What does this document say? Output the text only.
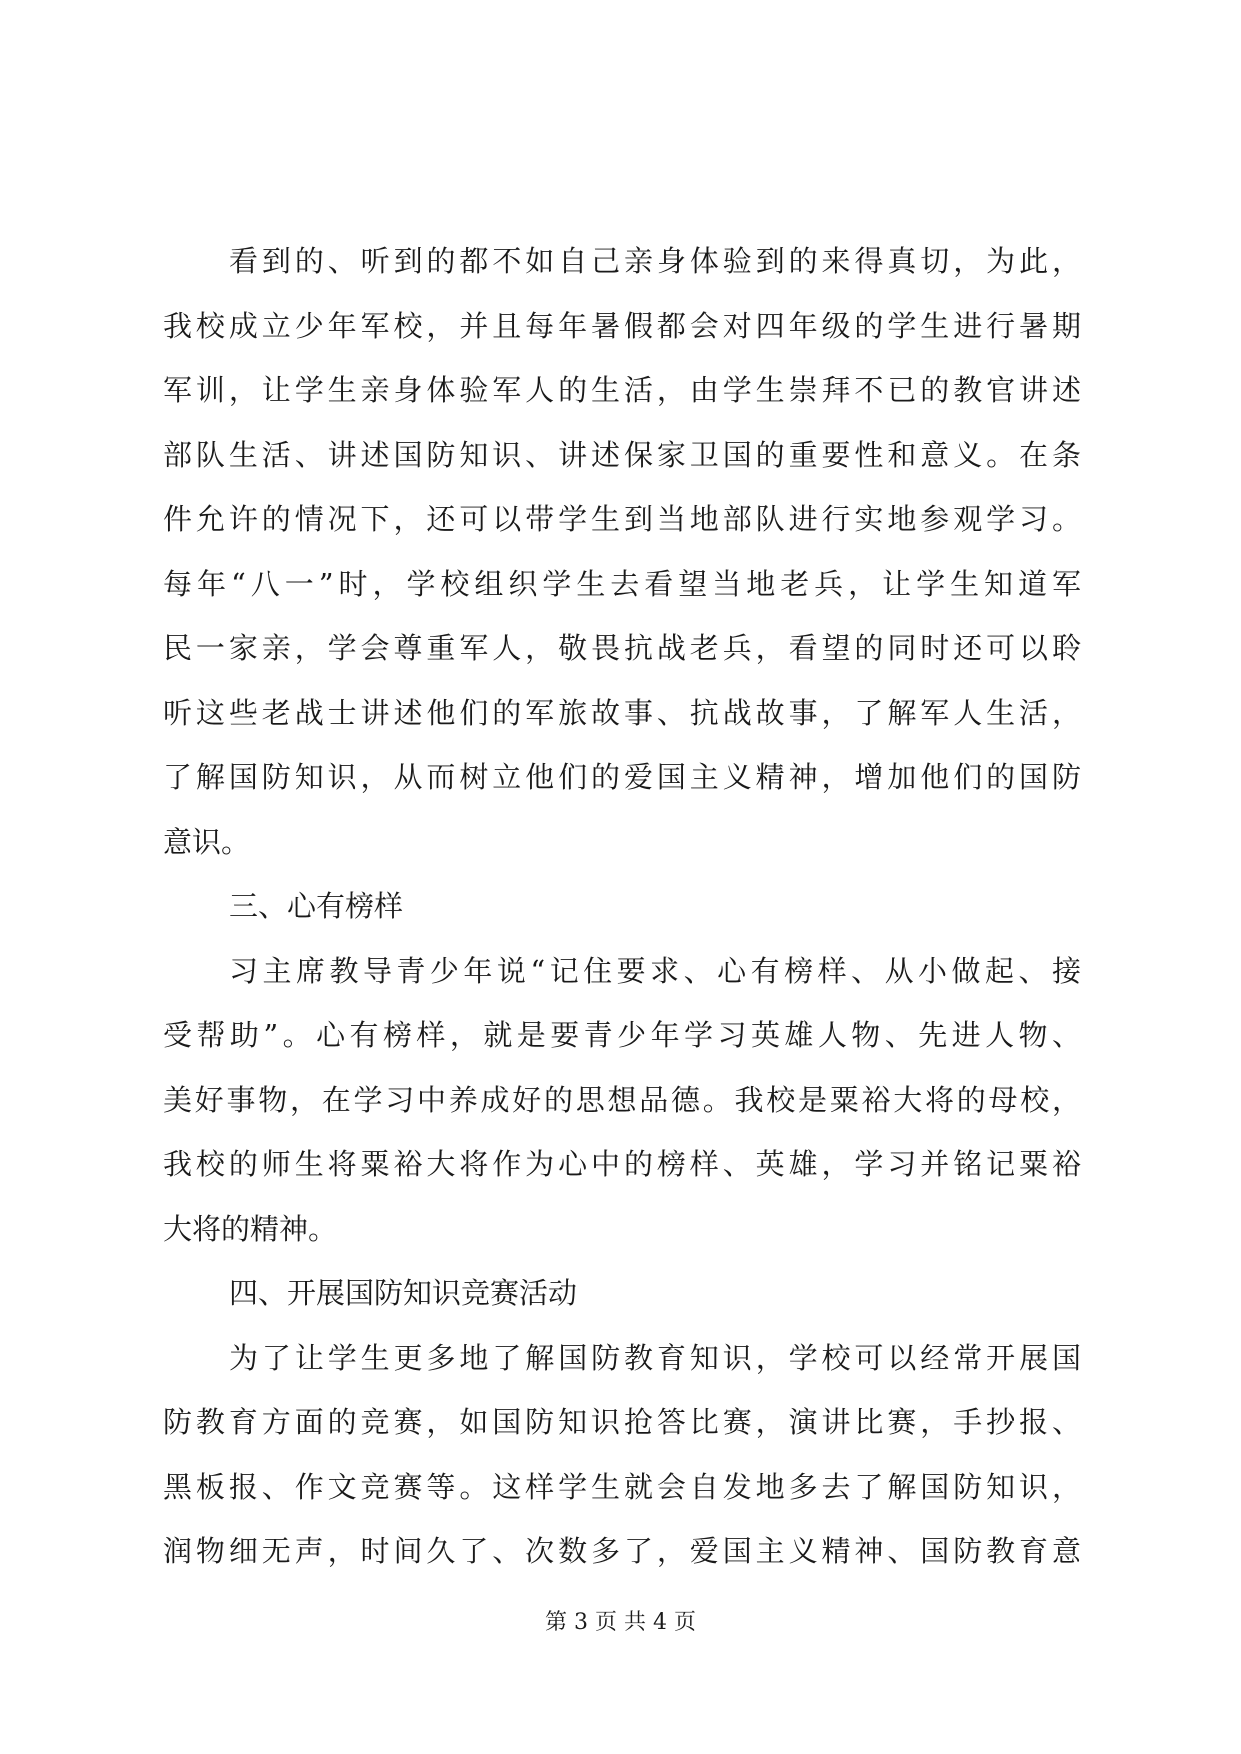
看到的、听到的都不如自己亲身体验到的来得真切，为此，
我校成立少年军校，并且每年暑假都会对四年级的学生进行暑期
军训，让学生亲身体验军人的生活，由学生崇拜不已的教官讲述
部队生活、讲述国防知识、讲述保家卫国的重要性和意义。在条
件允许的情况下，还可以带学生到当地部队进行实地参观学习。
每年“八一”时，学校组织学生去看望当地老兵，让学生知道军
民一家亲，学会尊重军人，敬畏抗战老兵，看望的同时还可以聆
听这些老战士讲述他们的军旅故事、抗战故事，了解军人生活，
了解国防知识，从而树立他们的爱国主义精神，增加他们的国防
意识。
三、心有榜样
习主席教导青少年说“记住要求、心有榜样、从小做起、接
受帮助”。心有榜样，就是要青少年学习英雄人物、先进人物、
美好事物，在学习中养成好的思想品德。我校是粟裕大将的母校，
我校的师生将粟裕大将作为心中的榜样、英雄，学习并铭记粟裕
大将的精神。
四、开展国防知识竞赛活动
为了让学生更多地了解国防教育知识，学校可以经常开展国
防教育方面的竞赛，如国防知识抢答比赛，演讲比赛，手抄报、
黑板报、作文竞赛等。这样学生就会自发地多去了解国防知识，
润物细无声，时间久了、次数多了，爱国主义精神、国防教育意
第 3 页 共 4 页
